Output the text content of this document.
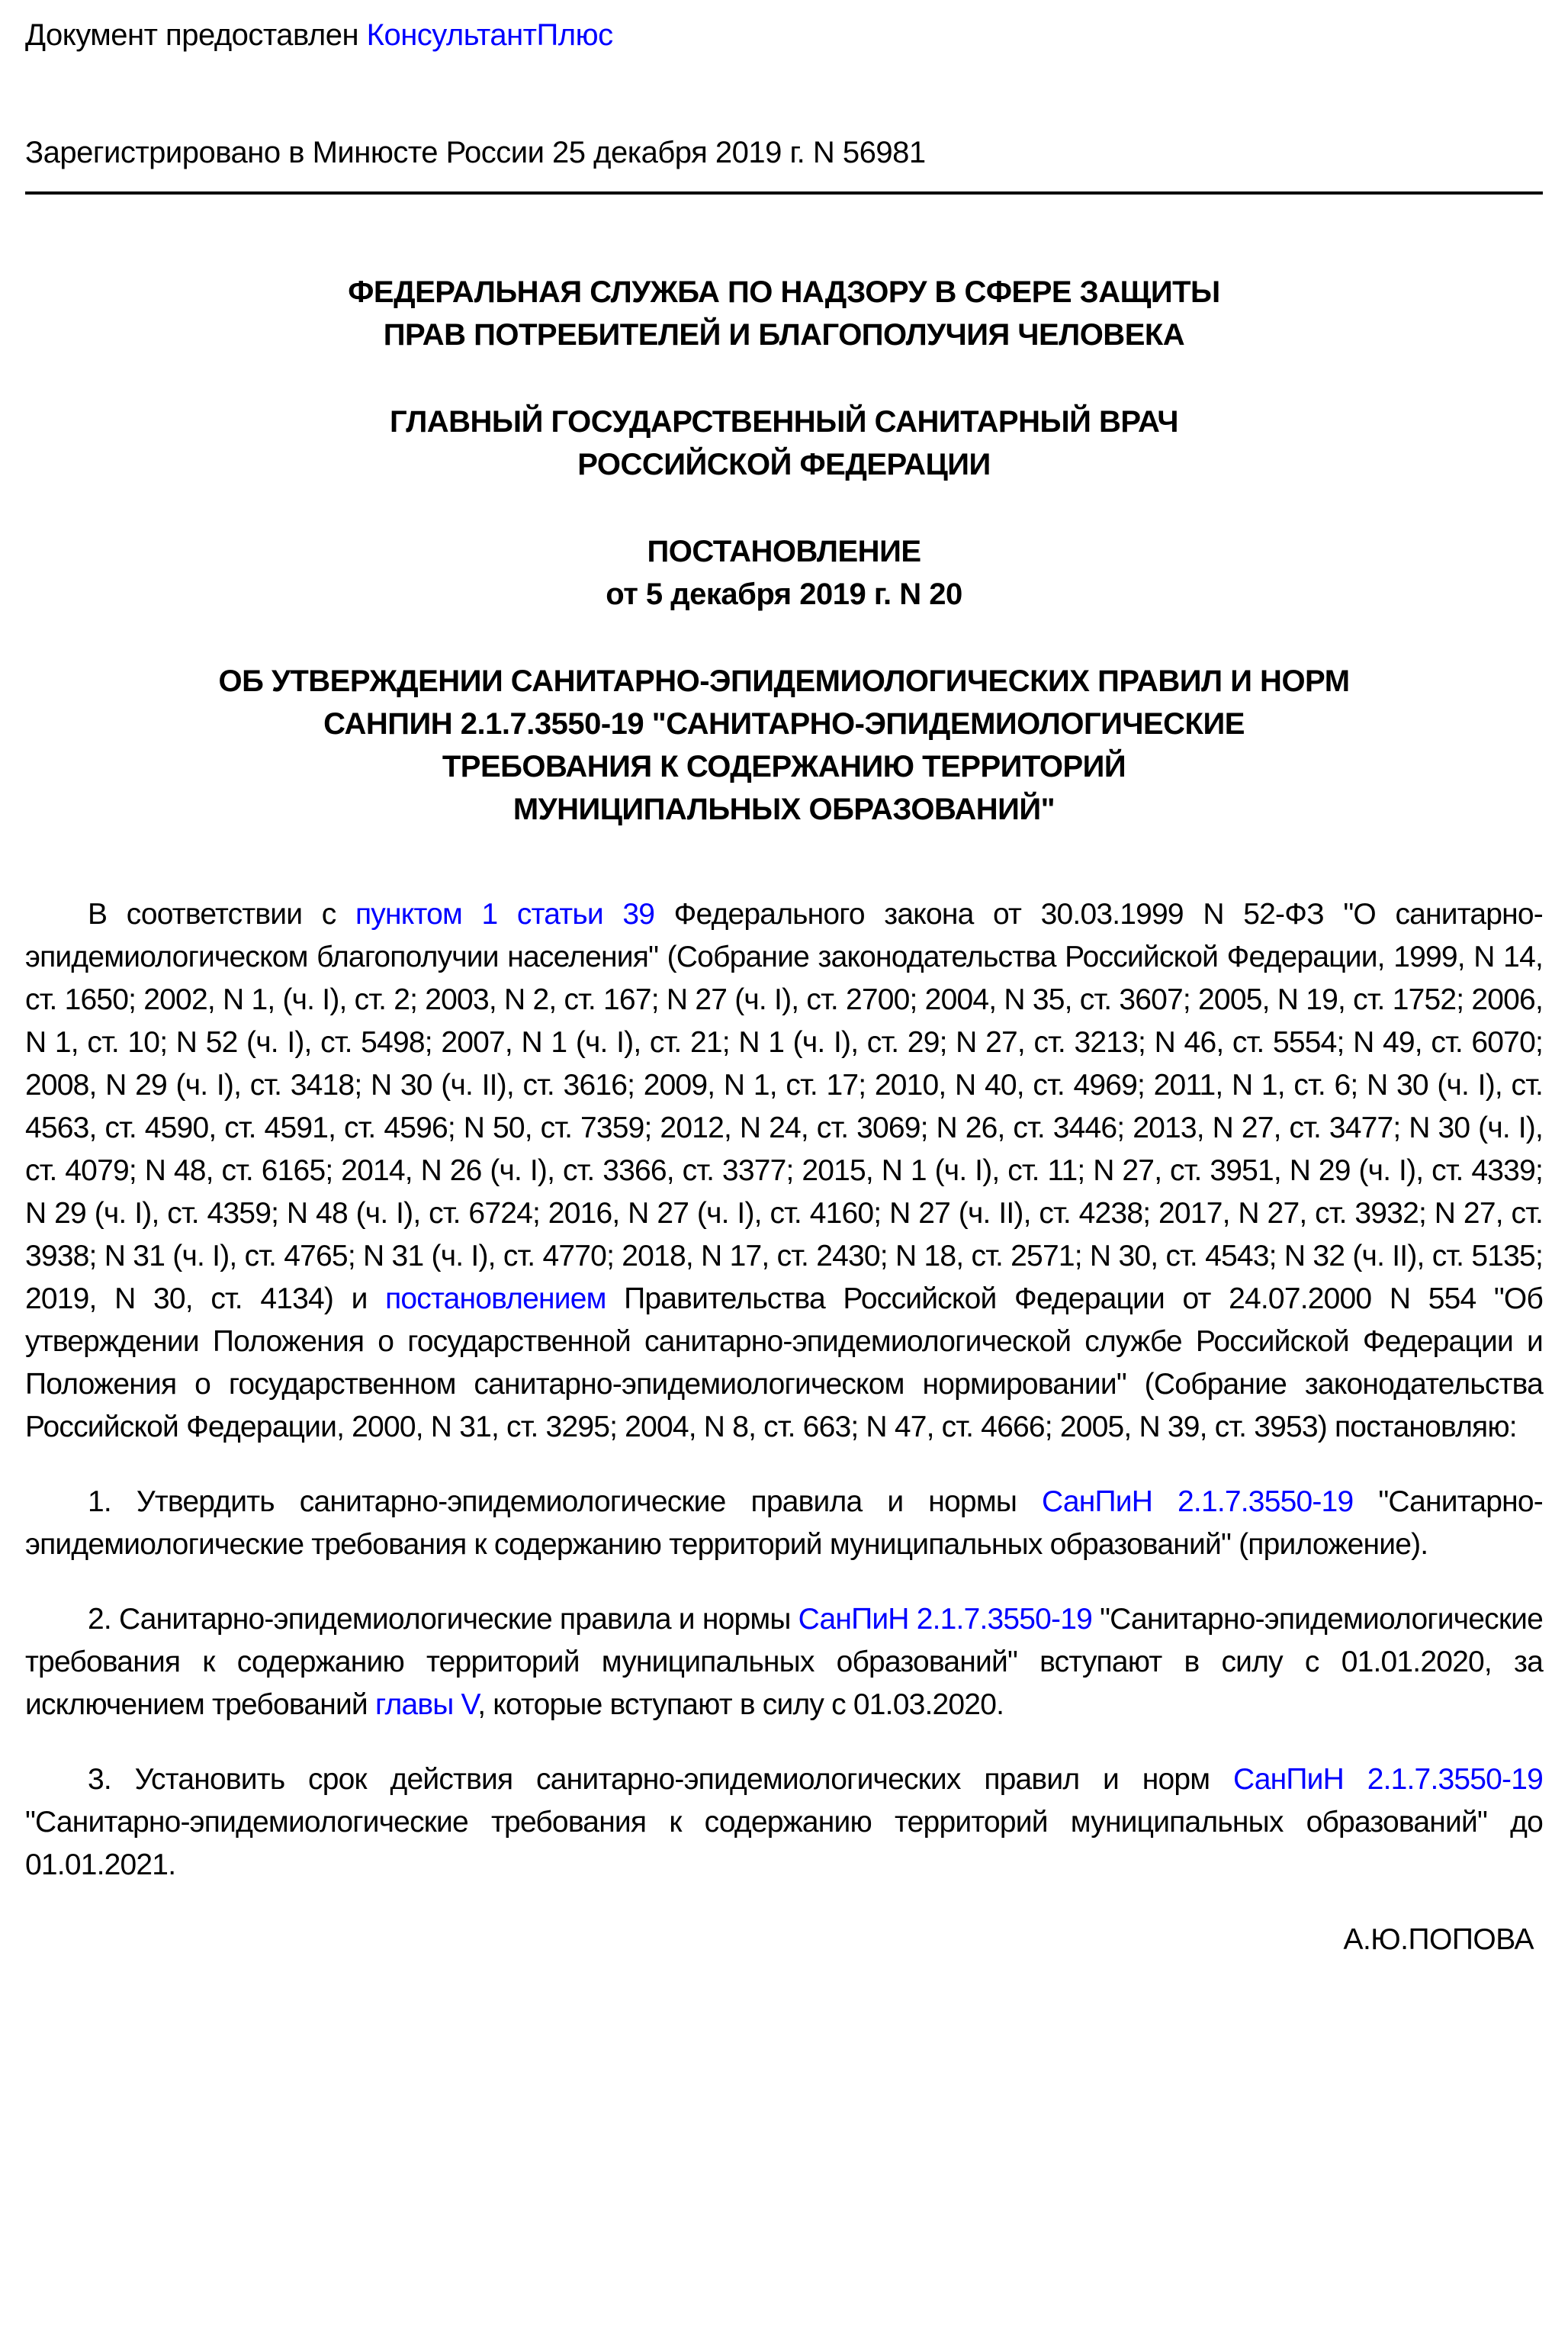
Документ предоставлен КонсультантПлюс
Зарегистрировано в Минюсте России 25 декабря 2019 г. N 56981
ФЕДЕРАЛЬНАЯ СЛУЖБА ПО НАДЗОРУ В СФЕРЕ ЗАЩИТЫ
ПРАВ ПОТРЕБИТЕЛЕЙ И БЛАГОПОЛУЧИЯ ЧЕЛОВЕКА
ГЛАВНЫЙ ГОСУДАРСТВЕННЫЙ САНИТАРНЫЙ ВРАЧ
РОССИЙСКОЙ ФЕДЕРАЦИИ
ПОСТАНОВЛЕНИЕ
от 5 декабря 2019 г. N 20
ОБ УТВЕРЖДЕНИИ САНИТАРНО-ЭПИДЕМИОЛОГИЧЕСКИХ ПРАВИЛ И НОРМ
САНПИН 2.1.7.3550-19 "САНИТАРНО-ЭПИДЕМИОЛОГИЧЕСКИЕ
ТРЕБОВАНИЯ К СОДЕРЖАНИЮ ТЕРРИТОРИЙ
МУНИЦИПАЛЬНЫХ ОБРАЗОВАНИЙ"

В соответствии с пунктом 1 статьи 39 Федерального закона от 30.03.1999 N 52-ФЗ "О санитарно-эпидемиологическом благополучии населения" (Собрание законодательства Российской Федерации, 1999, N 14, ст. 1650; 2002, N 1, (ч. I), ст. 2; 2003, N 2, ст. 167; N 27 (ч. I), ст. 2700; 2004, N 35, ст. 3607; 2005, N 19, ст. 1752; 2006, N 1, ст. 10; N 52 (ч. I), ст. 5498; 2007, N 1 (ч. I), ст. 21; N 1 (ч. I), ст. 29; N 27, ст. 3213; N 46, ст. 5554; N 49, ст. 6070; 2008, N 29 (ч. I), ст. 3418; N 30 (ч. II), ст. 3616; 2009, N 1, ст. 17; 2010, N 40, ст. 4969; 2011, N 1, ст. 6; N 30 (ч. I), ст. 4563, ст. 4590, ст. 4591, ст. 4596; N 50, ст. 7359; 2012, N 24, ст. 3069; N 26, ст. 3446; 2013, N 27, ст. 3477; N 30 (ч. I), ст. 4079; N 48, ст. 6165; 2014, N 26 (ч. I), ст. 3366, ст. 3377; 2015, N 1 (ч. I), ст. 11; N 27, ст. 3951, N 29 (ч. I), ст. 4339; N 29 (ч. I), ст. 4359; N 48 (ч. I), ст. 6724; 2016, N 27 (ч. I), ст. 4160; N 27 (ч. II), ст. 4238; 2017, N 27, ст. 3932; N 27, ст. 3938; N 31 (ч. I), ст. 4765; N 31 (ч. I), ст. 4770; 2018, N 17, ст. 2430; N 18, ст. 2571; N 30, ст. 4543; N 32 (ч. II), ст. 5135; 2019, N 30, ст. 4134) и постановлением Правительства Российской Федерации от 24.07.2000 N 554 "Об утверждении Положения о государственной санитарно-эпидемиологической службе Российской Федерации и Положения о государственном санитарно-эпидемиологическом нормировании" (Собрание законодательства Российской Федерации, 2000, N 31, ст. 3295; 2004, N 8, ст. 663; N 47, ст. 4666; 2005, N 39, ст. 3953) постановляю:

1. Утвердить санитарно-эпидемиологические правила и нормы СанПиН 2.1.7.3550-19 "Санитарно-эпидемиологические требования к содержанию территорий муниципальных образований" (приложение).

2. Санитарно-эпидемиологические правила и нормы СанПиН 2.1.7.3550-19 "Санитарно-эпидемиологические требования к содержанию территорий муниципальных образований" вступают в силу с 01.01.2020, за исключением требований главы V, которые вступают в силу с 01.03.2020.

3. Установить срок действия санитарно-эпидемиологических правил и норм СанПиН 2.1.7.3550-19 "Санитарно-эпидемиологические требования к содержанию территорий муниципальных образований" до 01.01.2021.

А.Ю.ПОПОВА
